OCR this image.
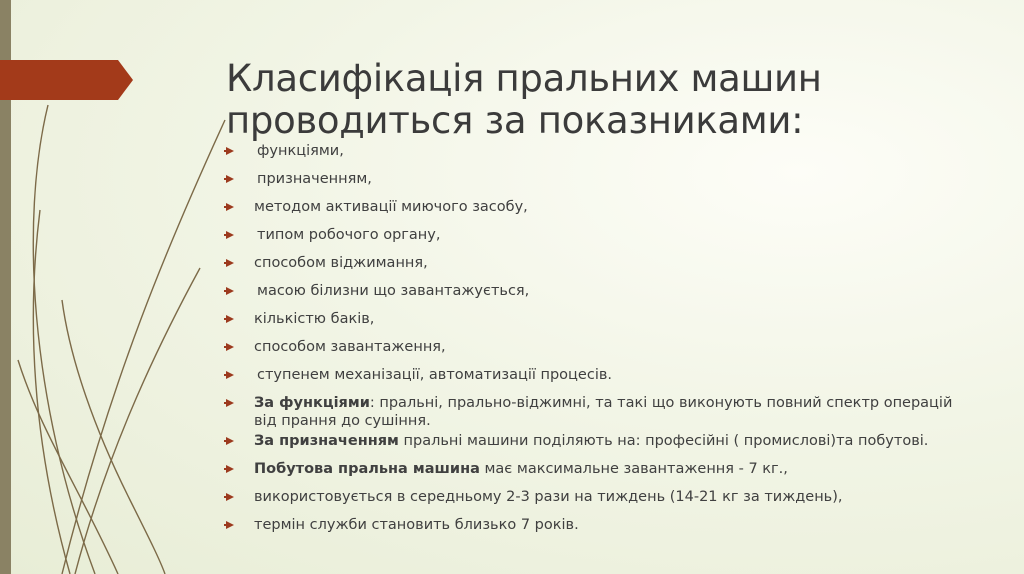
Класифікація пральних машин
проводиться за показниками:
функціями,
призначенням,
методом активації миючого засобу,
типом робочого органу,
способом віджимання,
масою білизни що завантажується,
кількістю баків,
способом завантаження,
ступенем механізації, автоматизації процесів.
За функціями: пральні, прально-віджимні, та такі що виконують повний спектр операцій від прання до сушіння.
За призначенням пральні машини поділяють на: професійні ( промислові)та побутові.
Побутова пральна машина має максимальне завантаження - 7 кг.,
використовується в середньому 2-3 рази на тиждень (14-21 кг за тиждень),
термін служби становить близько 7 років.
